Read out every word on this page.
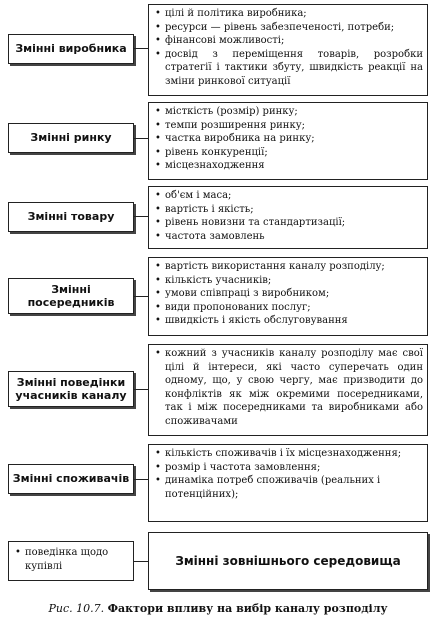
Змінні виробника
• цілі й політика виробника;
• ресурси — рівень забезпеченості, потреби;
• фінансові можливості;
• досвід з переміщення товарів, розробки стратегії і тактики збуту, швидкість реакції на зміни ринкової ситуації
Змінні ринку
• місткість (розмір) ринку;
• темпи розширення ринку;
• частка виробника на ринку;
• рівень конкуренції;
• місцезнаходження
Змінні товару
• об'єм і маса;
• вартість і якість;
• рівень новизни та стандартизації;
• частота замовлень
Змінні посередників
• вартість використання каналу розподілу;
• кількість учасників;
• умови співпраці з виробником;
• види пропонованих послуг;
• швидкість і якість обслуговування
Змінні поведінки учасників каналу
• кожний з учасників каналу розподілу має свої цілі й інтереси, які часто суперечать один одному, що, у свою чергу, має призводити до конфліктів як між окремими посередниками, так і між посередниками та виробниками або споживачами
Змінні споживачів
• кількість споживачів і їх місцезнаходження;
• розмір і частота замовлення;
• динаміка потреб споживачів (реальних і потенційних);
• поведінка щодо купівлі	Змінні зовнішнього середовища
Рис. 10.7. Фактори впливу на вибір каналу розподілу
